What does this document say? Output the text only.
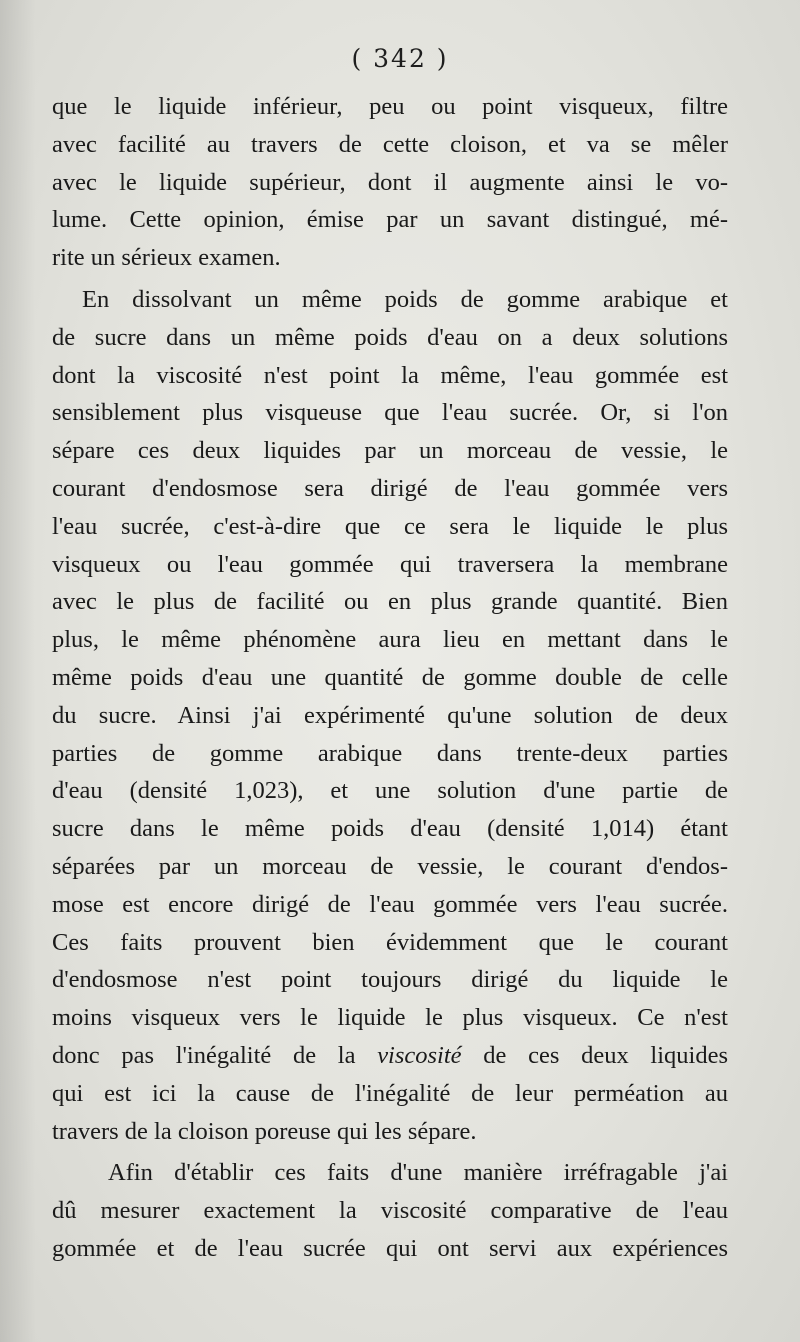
( 342 )
que le liquide inférieur, peu ou point visqueux, filtre
avec facilité au travers de cette cloison, et va se mêler
avec le liquide supérieur, dont il augmente ainsi le vo-
lume. Cette opinion, émise par un savant distingué, mé-
rite un sérieux examen.
En dissolvant un même poids de gomme arabique et
de sucre dans un même poids d'eau on a deux solutions
dont la viscosité n'est point la même, l'eau gommée est
sensiblement plus visqueuse que l'eau sucrée. Or, si l'on
sépare ces deux liquides par un morceau de vessie, le
courant d'endosmose sera dirigé de l'eau gommée vers
l'eau sucrée, c'est-à-dire que ce sera le liquide le plus
visqueux ou l'eau gommée qui traversera la membrane
avec le plus de facilité ou en plus grande quantité. Bien
plus, le même phénomène aura lieu en mettant dans le
même poids d'eau une quantité de gomme double de celle
du sucre. Ainsi j'ai expérimenté qu'une solution de deux
parties de gomme arabique dans trente-deux parties
d'eau (densité 1,023), et une solution d'une partie de
sucre dans le même poids d'eau (densité 1,014) étant
séparées par un morceau de vessie, le courant d'endos-
mose est encore dirigé de l'eau gommée vers l'eau sucrée.
Ces faits prouvent bien évidemment que le courant
d'endosmose n'est point toujours dirigé du liquide le
moins visqueux vers le liquide le plus visqueux. Ce n'est
donc pas l'inégalité de la viscosité de ces deux liquides
qui est ici la cause de l'inégalité de leur perméation au
travers de la cloison poreuse qui les sépare.
Afin d'établir ces faits d'une manière irréfragable j'ai
dû mesurer exactement la viscosité comparative de l'eau
gommée et de l'eau sucrée qui ont servi aux expériences
